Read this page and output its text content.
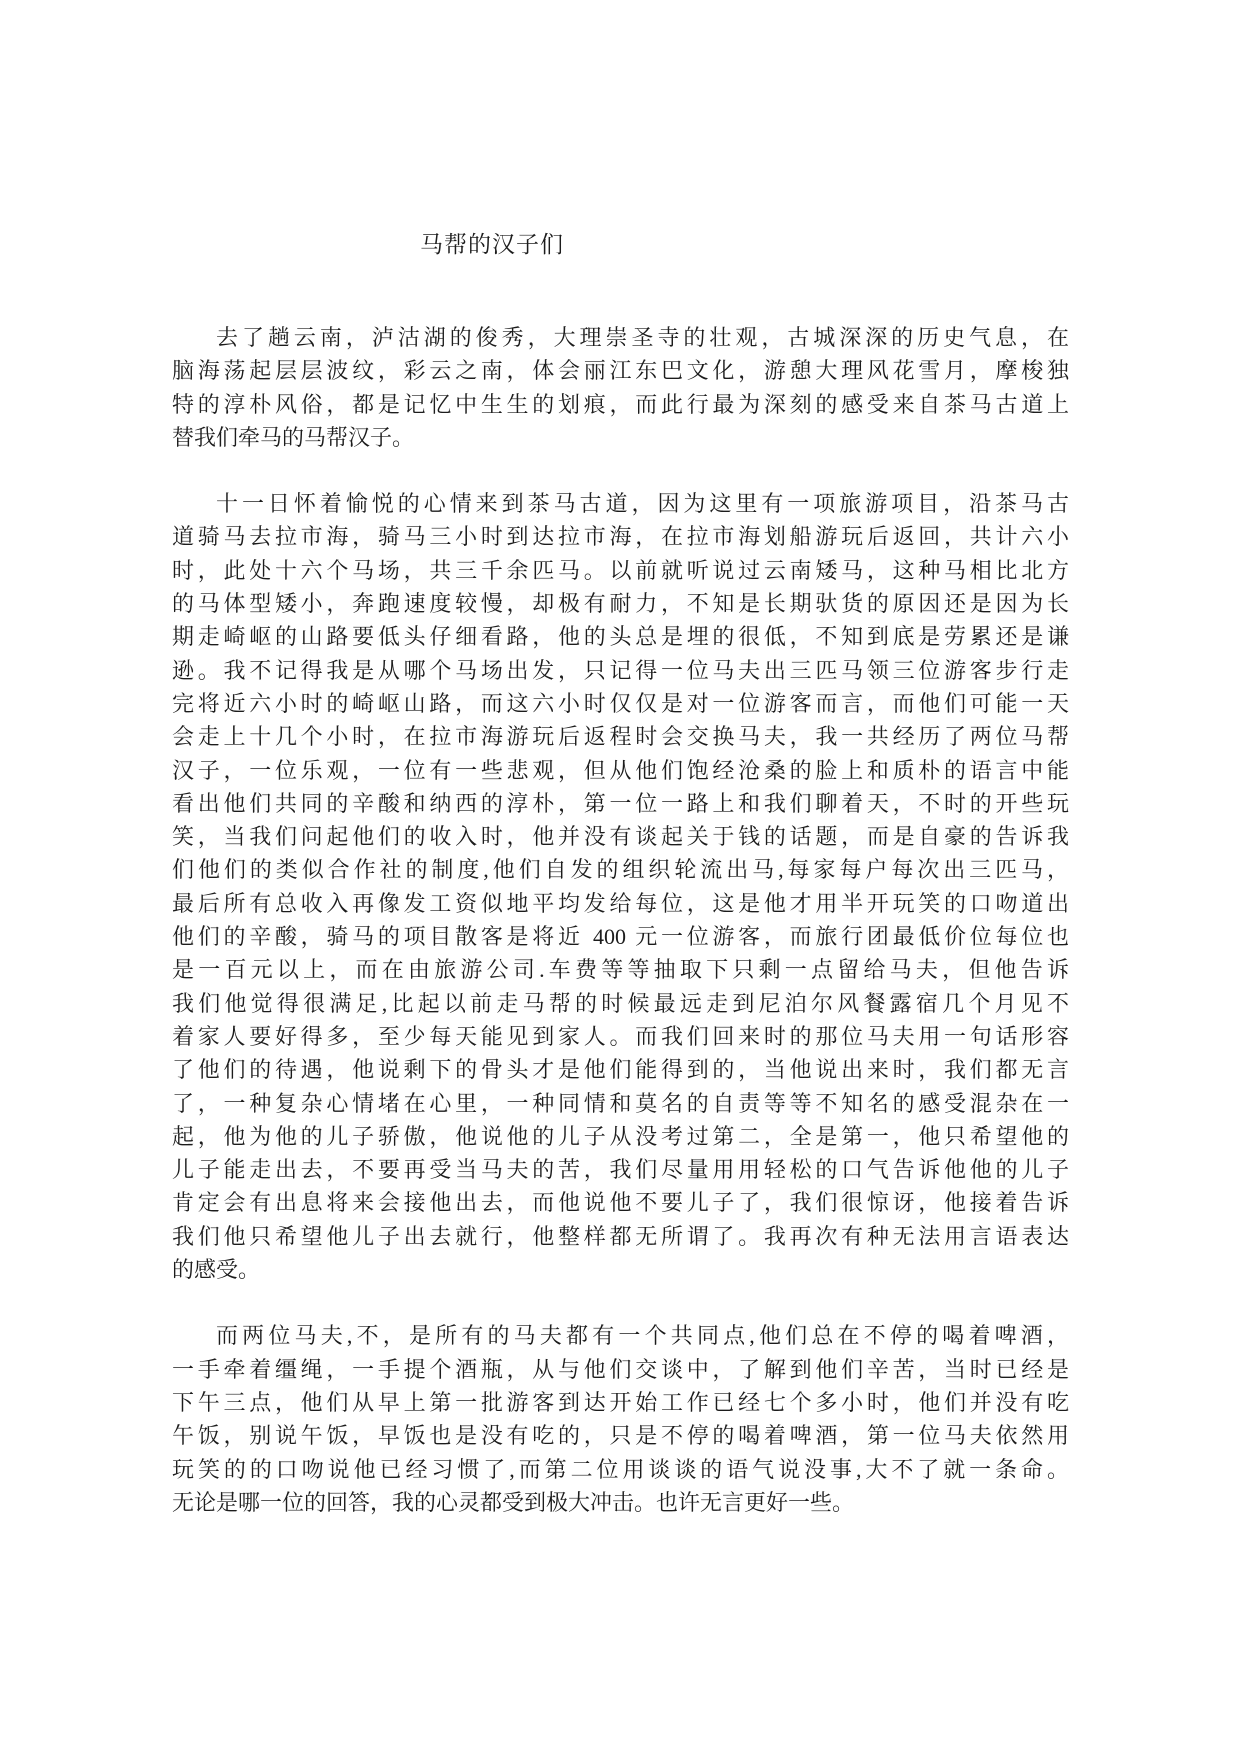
马帮的汉子们
去了趟云南，泸沽湖的俊秀，大理崇圣寺的壮观，古城深深的历史气息，在
脑海荡起层层波纹，彩云之南，体会丽江东巴文化，游憩大理风花雪月，摩梭独
特的淳朴风俗，都是记忆中生生的划痕，而此行最为深刻的感受来自茶马古道上
替我们牵马的马帮汉子。
十一日怀着愉悦的心情来到茶马古道，因为这里有一项旅游项目，沿茶马古
道骑马去拉市海，骑马三小时到达拉市海，在拉市海划船游玩后返回，共计六小
时，此处十六个马场，共三千余匹马。以前就听说过云南矮马，这种马相比北方
的马体型矮小，奔跑速度较慢，却极有耐力，不知是长期驮货的原因还是因为长
期走崎岖的山路要低头仔细看路，他的头总是埋的很低，不知到底是劳累还是谦
逊。我不记得我是从哪个马场出发，只记得一位马夫出三匹马领三位游客步行走
完将近六小时的崎岖山路，而这六小时仅仅是对一位游客而言，而他们可能一天
会走上十几个小时，在拉市海游玩后返程时会交换马夫，我一共经历了两位马帮
汉子，一位乐观，一位有一些悲观，但从他们饱经沧桑的脸上和质朴的语言中能
看出他们共同的辛酸和纳西的淳朴，第一位一路上和我们聊着天，不时的开些玩
笑，当我们问起他们的收入时，他并没有谈起关于钱的话题，而是自豪的告诉我
们他们的类似合作社的制度,他们自发的组织轮流出马,每家每户每次出三匹马，
最后所有总收入再像发工资似地平均发给每位，这是他才用半开玩笑的口吻道出
他们的辛酸，骑马的项目散客是将近 400 元一位游客，而旅行团最低价位每位也
是一百元以上，而在由旅游公司.车费等等抽取下只剩一点留给马夫，但他告诉
我们他觉得很满足,比起以前走马帮的时候最远走到尼泊尔风餐露宿几个月见不
着家人要好得多，至少每天能见到家人。而我们回来时的那位马夫用一句话形容
了他们的待遇，他说剩下的骨头才是他们能得到的，当他说出来时，我们都无言
了，一种复杂心情堵在心里，一种同情和莫名的自责等等不知名的感受混杂在一
起，他为他的儿子骄傲，他说他的儿子从没考过第二，全是第一，他只希望他的
儿子能走出去，不要再受当马夫的苦，我们尽量用用轻松的口气告诉他他的儿子
肯定会有出息将来会接他出去，而他说他不要儿子了，我们很惊讶，他接着告诉
我们他只希望他儿子出去就行，他整样都无所谓了。我再次有种无法用言语表达
的感受。
而两位马夫,不，是所有的马夫都有一个共同点,他们总在不停的喝着啤酒，
一手牵着缰绳，一手提个酒瓶，从与他们交谈中，了解到他们辛苦，当时已经是
下午三点，他们从早上第一批游客到达开始工作已经七个多小时，他们并没有吃
午饭，别说午饭，早饭也是没有吃的，只是不停的喝着啤酒，第一位马夫依然用
玩笑的的口吻说他已经习惯了,而第二位用谈谈的语气说没事,大不了就一条命。
无论是哪一位的回答，我的心灵都受到极大冲击。也许无言更好一些。
